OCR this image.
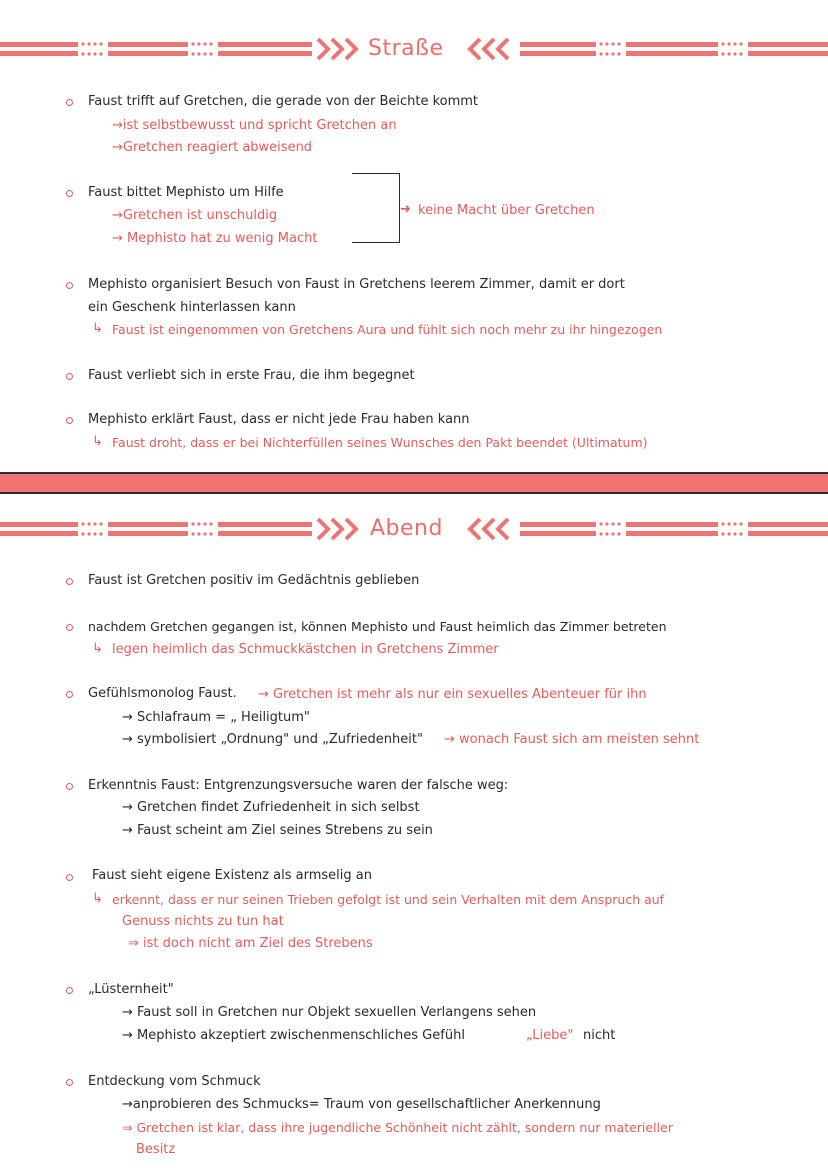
Straße
Faust trifft auf Gretchen, die gerade von der Beichte kommt
→ist selbstbewusst und spricht Gretchen an
→Gretchen reagiert abweisend
Faust bittet Mephisto um Hilfe
→Gretchen ist unschuldig
→ Mephisto hat zu wenig Macht
➜ keine Macht über Gretchen
Mephisto organisiert Besuch von Faust in Gretchens leerem Zimmer, damit er dort
ein Geschenk hinterlassen kann
↳ Faust ist eingenommen von Gretchens Aura und fühlt sich noch mehr zu ihr hingezogen
Faust verliebt sich in erste Frau, die ihm begegnet
Mephisto erklärt Faust, dass er nicht jede Frau haben kann
↳ Faust droht, dass er bei Nichterfüllen seines Wunsches den Pakt beendet (Ultimatum)
Abend
Faust ist Gretchen positiv im Gedächtnis geblieben
nachdem Gretchen gegangen ist, können Mephisto und Faust heimlich das Zimmer betreten
↳ legen heimlich das Schmuckkästchen in Gretchens Zimmer
Gefühlsmonolog Faust. → Gretchen ist mehr als nur ein sexuelles Abenteuer für ihn
→ Schlafraum = „ Heiligtum"
→ symbolisiert „Ordnung" und „Zufriedenheit" → wonach Faust sich am meisten sehnt
Erkenntnis Faust: Entgrenzungsversuche waren der falsche weg:
→ Gretchen findet Zufriedenheit in sich selbst
→ Faust scheint am Ziel seines Strebens zu sein
Faust sieht eigene Existenz als armselig an
↳ erkennt, dass er nur seinen Trieben gefolgt ist und sein Verhalten mit dem Anspruch auf
Genuss nichts zu tun hat
⇒ ist doch nicht am Ziel des Strebens
„Lüsternheit"
→ Faust soll in Gretchen nur Objekt sexuellen Verlangens sehen
→ Mephisto akzeptiert zwischenmenschliches Gefühl	„Liebe" nicht
Entdeckung vom Schmuck
→anprobieren des Schmucks= Traum von gesellschaftlicher Anerkennung
⇒ Gretchen ist klar, dass ihre jugendliche Schönheit nicht zählt, sondern nur materieller
Besitz
